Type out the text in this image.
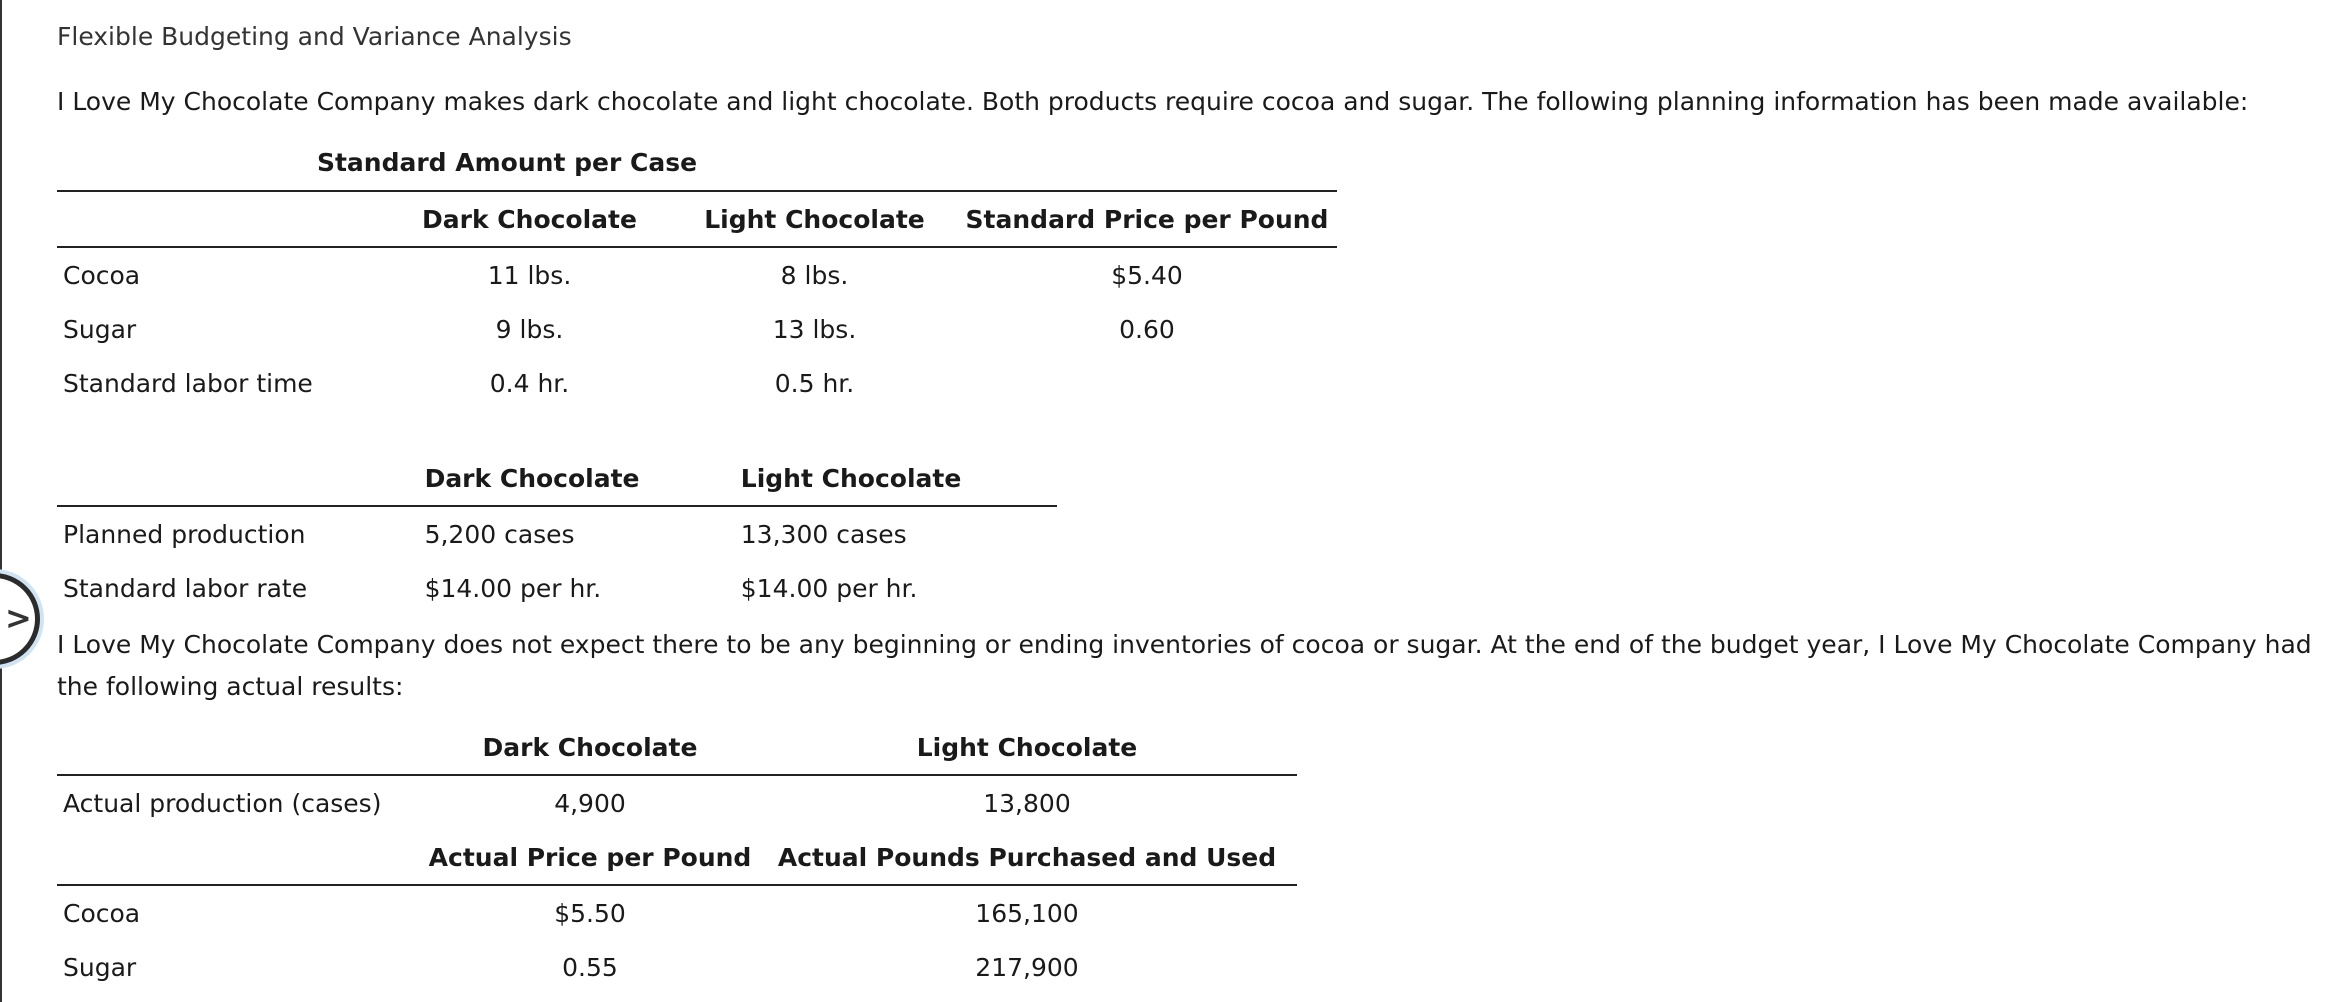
>
Flexible Budgeting and Variance Analysis
I Love My Chocolate Company makes dark chocolate and light chocolate. Both products require cocoa and sugar. The following planning information has been made available:
Standard Amount per Case			
	Dark Chocolate	Light Chocolate	Standard Price per Pound
Cocoa	11 lbs.	8 lbs.	$5.40
Sugar	9 lbs.	13 lbs.	0.60
Standard labor time	0.4 hr.	0.5 hr.	
	Dark Chocolate	Light Chocolate
Planned production	5,200 cases	13,300 cases
Standard labor rate	$14.00 per hr.	$14.00 per hr.
I Love My Chocolate Company does not expect there to be any beginning or ending inventories of cocoa or sugar. At the end of the budget year, I Love My Chocolate Company had the following actual results:
	Dark Chocolate	Light Chocolate
Actual production (cases)	4,900	13,800
	Actual Price per Pound	Actual Pounds Purchased and Used
Cocoa	$5.50	165,100
Sugar	0.55	217,900
